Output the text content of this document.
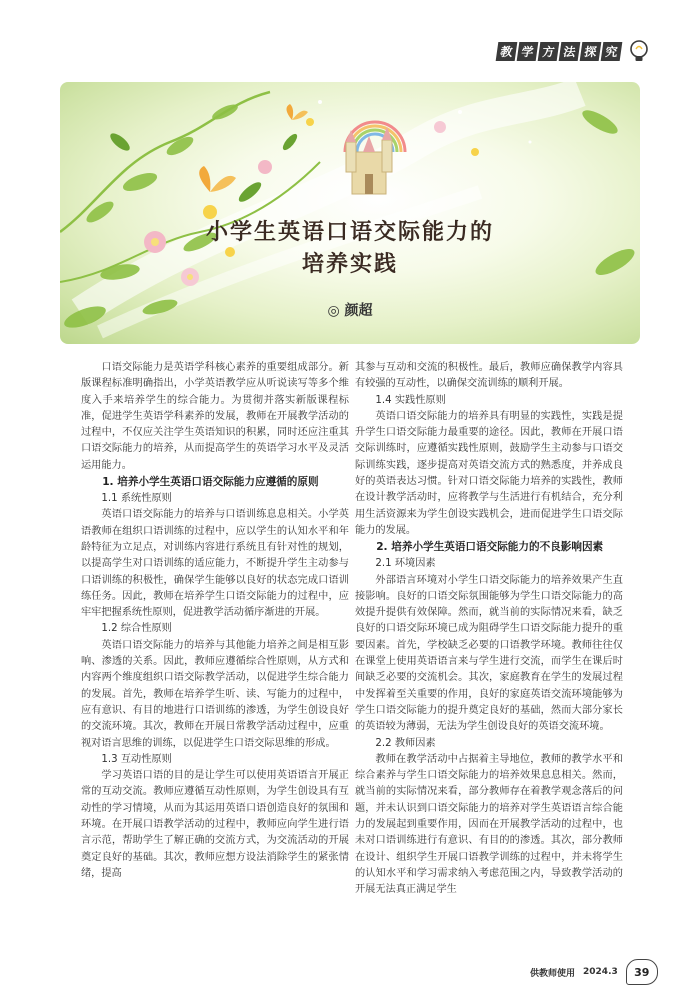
教 学 方 法 探 究
小学生英语口语交际能力的
培养实践
◎ 颜超

口语交际能力是英语学科核心素养的重要组成部分。新版课程标准明确指出，小学英语教学应从听说读写等多个维度入手来培养学生的综合能力。为贯彻并落实新版课程标准，促进学生英语学科素养的发展，教师在开展教学活动的过程中，不仅应关注学生英语知识的积累，同时还应注重其口语交际能力的培养，从而提高学生的英语学习水平及灵活运用能力。

1. 培养小学生英语口语交际能力应遵循的原则
1.1 系统性原则

英语口语交际能力的培养与口语训练息息相关。小学英语教师在组织口语训练的过程中，应以学生的认知水平和年龄特征为立足点，对训练内容进行系统且有针对性的规划，以提高学生对口语训练的适应能力，不断提升学生主动参与口语训练的积极性，确保学生能够以良好的状态完成口语训练任务。因此，教师在培养学生口语交际能力的过程中，应牢牢把握系统性原则，促进教学活动循序渐进的开展。

1.2 综合性原则

英语口语交际能力的培养与其他能力培养之间是相互影响、渗透的关系。因此，教师应遵循综合性原则，从方式和内容两个维度组织口语交际教学活动，以促进学生综合能力的发展。首先，教师在培养学生听、读、写能力的过程中，应有意识、有目的地进行口语训练的渗透，为学生创设良好的交流环境。其次，教师在开展日常教学活动过程中，应重视对语言思维的训练，以促进学生口语交际思维的形成。

1.3 互动性原则

学习英语口语的目的是让学生可以使用英语语言开展正常的互动交流。教师应遵循互动性原则，为学生创设具有互动性的学习情境，从而为其运用英语口语创造良好的氛围和环境。在开展口语教学活动的过程中，教师应向学生进行语言示范，帮助学生了解正确的交流方式，为交流活动的开展奠定良好的基础。其次，教师应想方设法消除学生的紧张情绪，提高

其参与互动和交流的积极性。最后，教师应确保教学内容具有较强的互动性，以确保交流训练的顺利开展。

1.4 实践性原则

英语口语交际能力的培养具有明显的实践性，实践是提升学生口语交际能力最重要的途径。因此，教师在开展口语交际训练时，应遵循实践性原则，鼓励学生主动参与口语交际训练实践，逐步提高对英语交流方式的熟悉度，并养成良好的英语表达习惯。针对口语交际能力培养的实践性，教师在设计教学活动时，应将教学与生活进行有机结合，充分利用生活资源来为学生创设实践机会，进而促进学生口语交际能力的发展。

2. 培养小学生英语口语交际能力的不良影响因素
2.1 环境因素

外部语言环境对小学生口语交际能力的培养效果产生直接影响。良好的口语交际氛围能够为学生口语交际能力的高效提升提供有效保障。然而，就当前的实际情况来看，缺乏良好的口语交际环境已成为阻碍学生口语交际能力提升的重要因素。首先，学校缺乏必要的口语教学环境。教师往往仅在课堂上使用英语语言来与学生进行交流，而学生在课后时间缺乏必要的交流机会。其次，家庭教育在学生的发展过程中发挥着至关重要的作用，良好的家庭英语交流环境能够为学生口语交际能力的提升奠定良好的基础，然而大部分家长的英语较为薄弱，无法为学生创设良好的英语交流环境。

2.2 教师因素

教师在教学活动中占据着主导地位，教师的教学水平和综合素养与学生口语交际能力的培养效果息息相关。然而，就当前的实际情况来看，部分教师存在着教学观念落后的问题，并未认识到口语交际能力的培养对学生英语语言综合能力的发展起到重要作用，因而在开展教学活动的过程中，也未对口语训练进行有意识、有目的的渗透。其次，部分教师在设计、组织学生开展口语教学训练的过程中，并未将学生的认知水平和学习需求纳入考虑范围之内，导致教学活动的开展无法真正满足学生

供教师使用 2024.3	39
